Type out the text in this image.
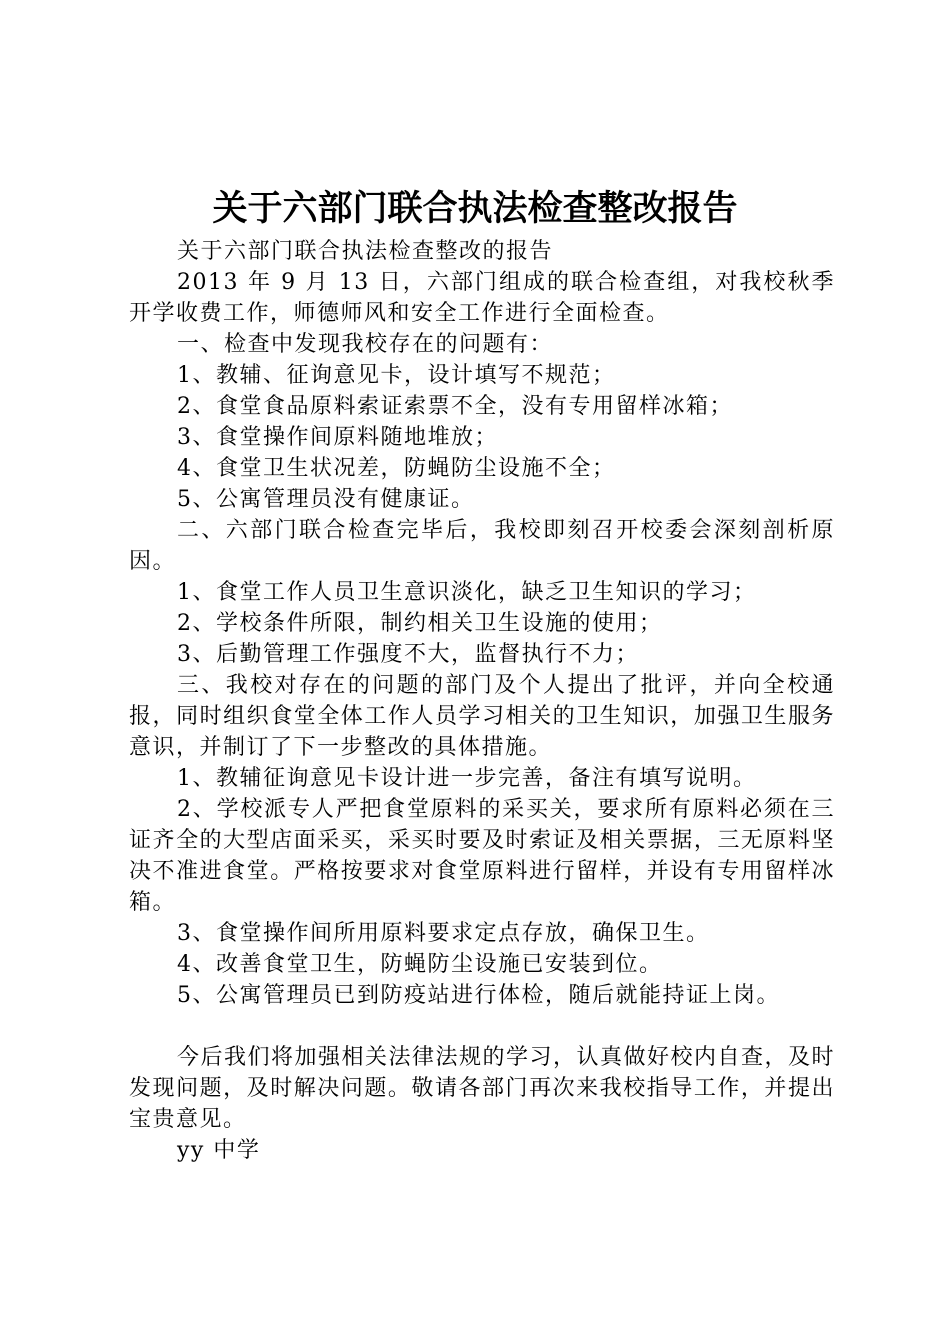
关于六部门联合执法检查整改报告

关于六部门联合执法检查整改的报告

2013 年 9 月 13 日，六部门组成的联合检查组，对我校秋季开学收费工作，师德师风和安全工作进行全面检查。

一、检查中发现我校存在的问题有：

1、教辅、征询意见卡，设计填写不规范；

2、食堂食品原料索证索票不全，没有专用留样冰箱；

3、食堂操作间原料随地堆放；

4、食堂卫生状况差，防蝇防尘设施不全；

5、公寓管理员没有健康证。

二、六部门联合检查完毕后，我校即刻召开校委会深刻剖析原因。

1、食堂工作人员卫生意识淡化，缺乏卫生知识的学习；

2、学校条件所限，制约相关卫生设施的使用；

3、后勤管理工作强度不大，监督执行不力；

三、我校对存在的问题的部门及个人提出了批评，并向全校通报，同时组织食堂全体工作人员学习相关的卫生知识，加强卫生服务意识，并制订了下一步整改的具体措施。

1、教辅征询意见卡设计进一步完善，备注有填写说明。

2、学校派专人严把食堂原料的采买关，要求所有原料必须在三证齐全的大型店面采买，采买时要及时索证及相关票据，三无原料坚决不准进食堂。严格按要求对食堂原料进行留样，并设有专用留样冰箱。

3、食堂操作间所用原料要求定点存放，确保卫生。

4、改善食堂卫生，防蝇防尘设施已安装到位。

5、公寓管理员已到防疫站进行体检，随后就能持证上岗。

今后我们将加强相关法律法规的学习，认真做好校内自查，及时发现问题，及时解决问题。敬请各部门再次来我校指导工作，并提出宝贵意见。

yy 中学
